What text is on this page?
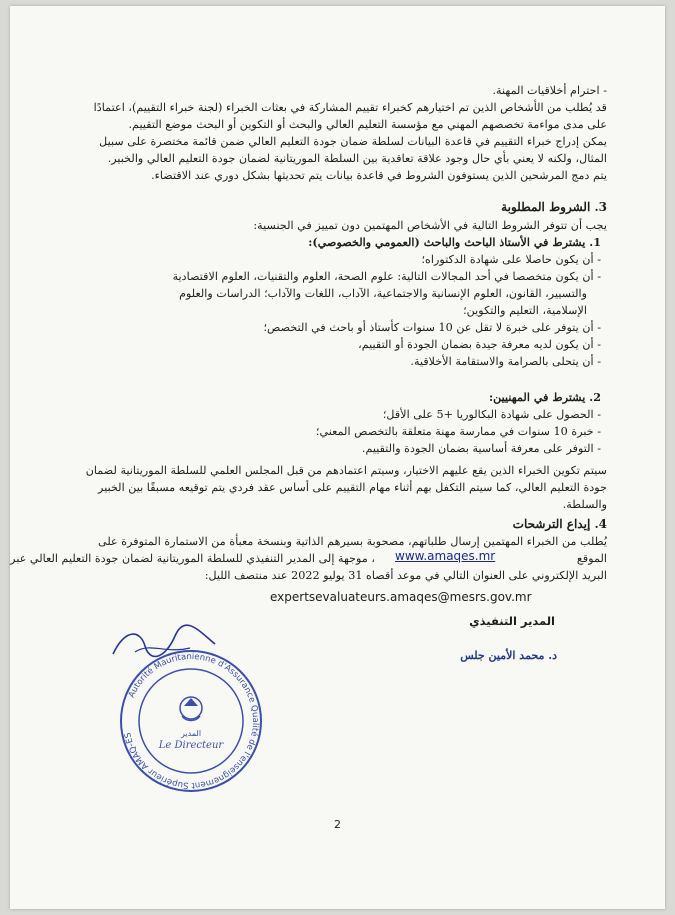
- احترام أخلاقيات المهنة.
قد يُطلب من الأشخاص الذين تم اختيارهم كخبراء تقييم المشاركة في بعثات الخبراء (لجنة خبراء التقييم)، اعتمادًا
على مدى مواءمة تخصصهم المهني مع مؤسسة التعليم العالي والبحث أو التكوين أو البحث موضع التقييم.
يمكن إدراج خبراء التقييم في قاعدة البيانات لسلطة ضمان جودة التعليم العالي ضمن قائمة مختصرة على سبيل
المثال، ولكنه لا يعني بأي حال وجود علاقة تعاقدية بين السلطة الموريتانية لضمان جودة التعليم العالي والخبير.
يتم دمج المرشحين الذين يستوفون الشروط في قاعدة بيانات يتم تحديثها بشكل دوري عند الاقتضاء.
3. الشروط المطلوبة
يجب أن تتوفر الشروط التالية في الأشخاص المهتمين دون تمييز في الجنسية:
1. يشترط في الأستاذ الباحث والباحث (العمومي والخصوصي):
- أن يكون حاصلا على شهادة الدكتوراه؛
- أن يكون متخصصا في أحد المجالات التالية: علوم الصحة، العلوم والتقنيات، العلوم الاقتصادية
والتسيير، القانون، العلوم الإنسانية والاجتماعية، الآداب، اللغات والآداب؛ الدراسات والعلوم
الإسلامية، التعليم والتكوين؛
- أن يتوفر على خبرة لا تقل عن 10 سنوات كأستاذ أو باحث في التخصص؛
- أن يكون لديه معرفة جيدة بضمان الجودة أو التقييم،
- أن يتحلى بالصرامة والاستقامة الأخلاقية.
2. يشترط في المهنيين:
- الحصول على شهادة البكالوريا +5 على الأقل؛
- خبرة 10 سنوات في ممارسة مهنة متعلقة بالتخصص المعني؛
- التوفر على معرفة أساسية بضمان الجودة والتقييم.
سيتم تكوين الخبراء الذين يقع عليهم الاختيار، وسيتم اعتمادهم من قبل المجلس العلمي للسلطة الموريتانية لضمان
جودة التعليم العالي، كما سيتم التكفل بهم أثناء مهام التقييم على أساس عقد فردي يتم توقيعه مسبقًا بين الخبير
والسلطة.
4. إيداع الترشحات
يُطلب من الخبراء المهتمين إرسال طلباتهم، مصحوبة بسيرهم الذاتية وبنسخة معبأة من الاستمارة المتوفرة على
الموقع
www.amaqes.mr
، موجهة إلى المدير التنفيذي للسلطة الموريتانية لضمان جودة التعليم العالي عبر
البريد الإلكتروني على العنوان التالي في موعد أقصاه 31 يوليو 2022 عند منتصف الليل:
expertsevaluateurs.amaqes@mesrs.gov.mr
المدير التنفيذي
د. محمد الأمين جلس
Autorité Mauritanienne d'Assurance Qualité de l'enseignement Supérieur AMAQ-ES	المدير
Le Directeur
2
